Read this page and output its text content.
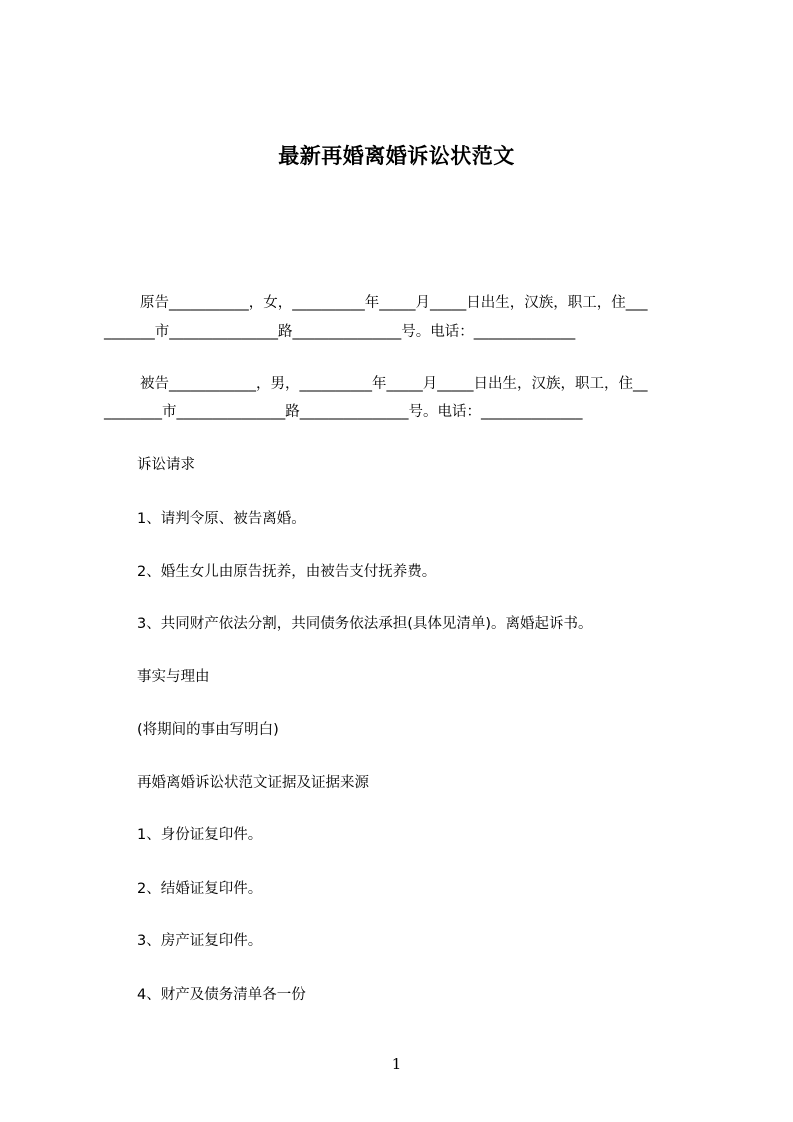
最新再婚离婚诉讼状范文
原告___________，女，__________年_____月_____日出生，汉族，职工，住___
_______市_______________路_______________号。电话：______________
被告____________，男，__________年_____月_____日出生，汉族，职工，住__
________市_______________路_______________号。电话：______________
诉讼请求
1、请判令原、被告离婚。
2、婚生女儿由原告抚养，由被告支付抚养费。
3、共同财产依法分割，共同债务依法承担(具体见清单)。离婚起诉书。
事实与理由
(将期间的事由写明白)
再婚离婚诉讼状范文证据及证据来源
1、身份证复印件。
2、结婚证复印件。
3、房产证复印件。
4、财产及债务清单各一份
1
